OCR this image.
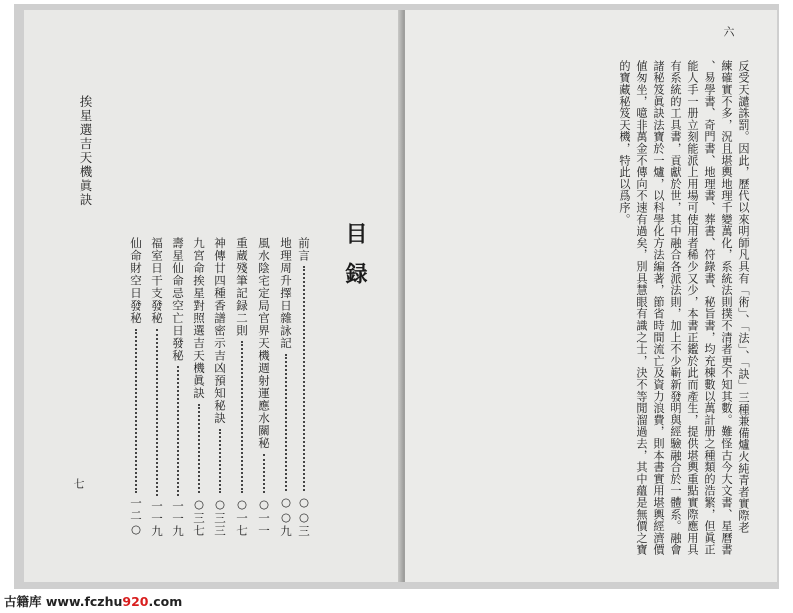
挨星選吉天機眞訣
七
目録
前言
○○三
地理周升擇日雜詠記
○○九
風水陰宅定局官界天機週射運應水關秘
○一一
重蔵殘筆記録二則
○一七
神傳廿四種香譜密示吉凶預知秘訣
○三三
九宮命挨星對照選吉天機眞訣
○三七
壽星仙命忌空亡日發秘
一一九
福室日干支發秘
一一九
仙命財空日發秘
一二○
六
反受天譴誅罰。因此，歷代以來明師凡具有「術」、「法」、「訣」三種兼備爐火純青者實際老
練確實不多，況且堪輿地理千變萬化，系統法則撲不清者更不知其數。難怪古今大文書、星曆書
、易學書、奇門書、地理書、葬書、符錄書、秘旨書，均充棟數以萬計册之種類的浩繁，但眞正
能人手一册立刻能派上用場可使用者稀少又少，本書正鑑於此而產生，提供堪輿重點實際應用具
有系統的工具書，貢獻於世，其中融合各派法則，加上不少嶄新發明與經驗融合於一體系。融會
諸秘笈眞訣法寶於一爐，以科學化方法編著，節省時間流亡及資力浪費，則本書實用堪輿經濟價
値匆坐，噫非萬金不傳向不速有過矣，別具慧眼有識之士，決不等閒溜過去，其中蘊是無價之寶
的寶藏秘笈天機，特此以爲序。
古籍库 www.fczhu920.com
